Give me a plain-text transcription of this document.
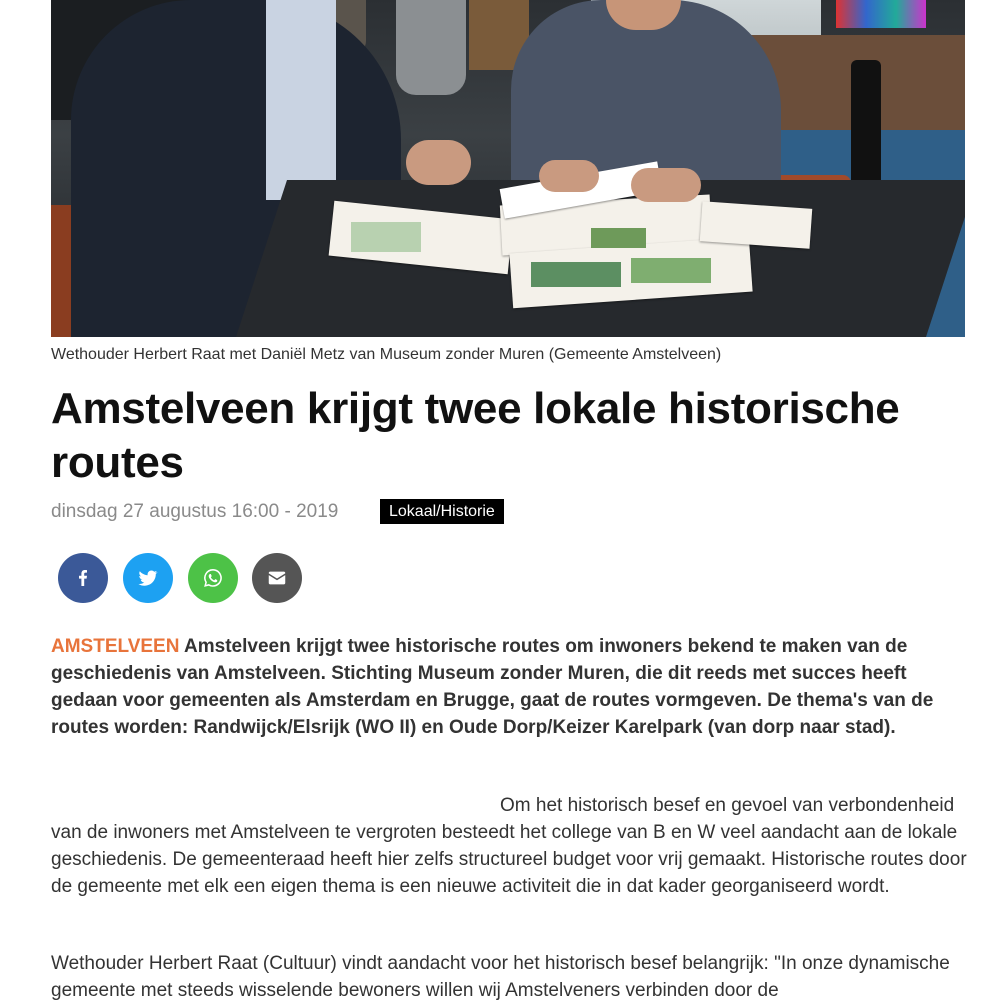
Wethouder Herbert Raat met Daniël Metz van Museum zonder Muren (Gemeente Amstelveen)
Amstelveen krijgt twee lokale historische routes
dinsdag 27 augustus 16:00 - 2019	Lokaal/Historie

AMSTELVEEN Amstelveen krijgt twee historische routes om inwoners bekend te maken van de geschiedenis van Amstelveen. Stichting Museum zonder Muren, die dit reeds met succes heeft gedaan voor gemeenten als Amsterdam en Brugge, gaat de routes vormgeven. De thema's van de routes worden: Randwijck/Elsrijk (WO II) en Oude Dorp/Keizer Karelpark (van dorp naar stad).

Om het historisch besef en gevoel van verbondenheid van de inwoners met Amstelveen te vergroten besteedt het college van B en W veel aandacht aan de lokale geschiedenis. De gemeenteraad heeft hier zelfs structureel budget voor vrij gemaakt. Historische routes door de gemeente met elk een eigen thema is een nieuwe activiteit die in dat kader georganiseerd wordt.

Wethouder Herbert Raat (Cultuur) vindt aandacht voor het historisch besef belangrijk: "In onze dynamische gemeente met steeds wisselende bewoners willen wij Amstelveners verbinden door de
